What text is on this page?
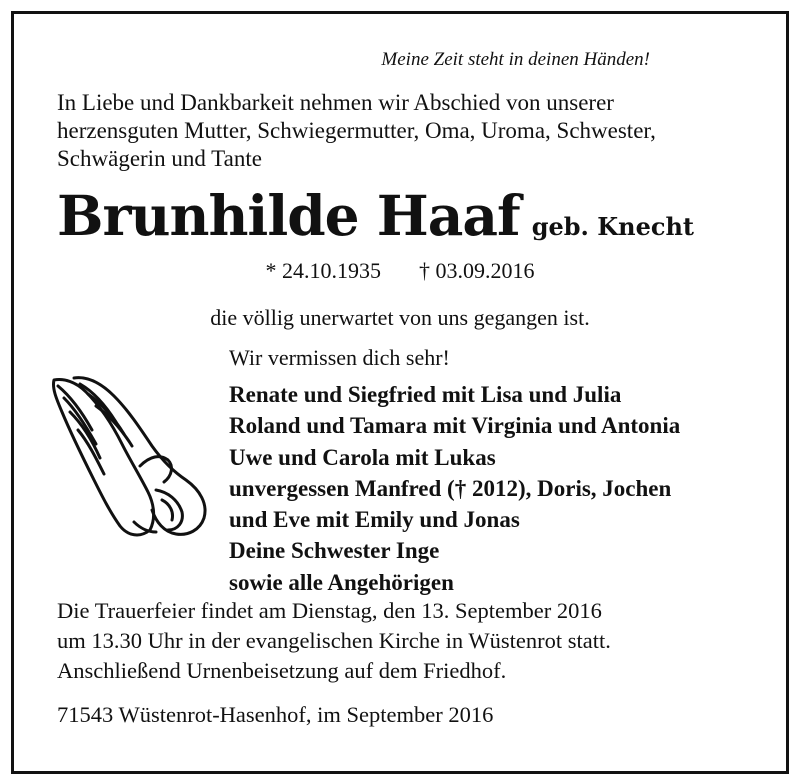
Meine Zeit steht in deinen Händen!
In Liebe und Dankbarkeit nehmen wir Abschied von unserer
herzensguten Mutter, Schwiegermutter, Oma, Uroma, Schwester,
Schwägerin und Tante
Brunhilde Haaf geb. Knecht
* 24.10.1935 † 03.09.2016
die völlig unerwartet von uns gegangen ist.
Wir vermissen dich sehr!
Renate und Siegfried mit Lisa und Julia
Roland und Tamara mit Virginia und Antonia
Uwe und Carola mit Lukas
unvergessen Manfred († 2012), Doris, Jochen
und Eve mit Emily und Jonas
Deine Schwester Inge
sowie alle Angehörigen
Die Trauerfeier findet am Dienstag, den 13. September 2016
um 13.30 Uhr in der evangelischen Kirche in Wüstenrot statt.
Anschließend Urnenbeisetzung auf dem Friedhof.
71543 Wüstenrot-Hasenhof, im September 2016
